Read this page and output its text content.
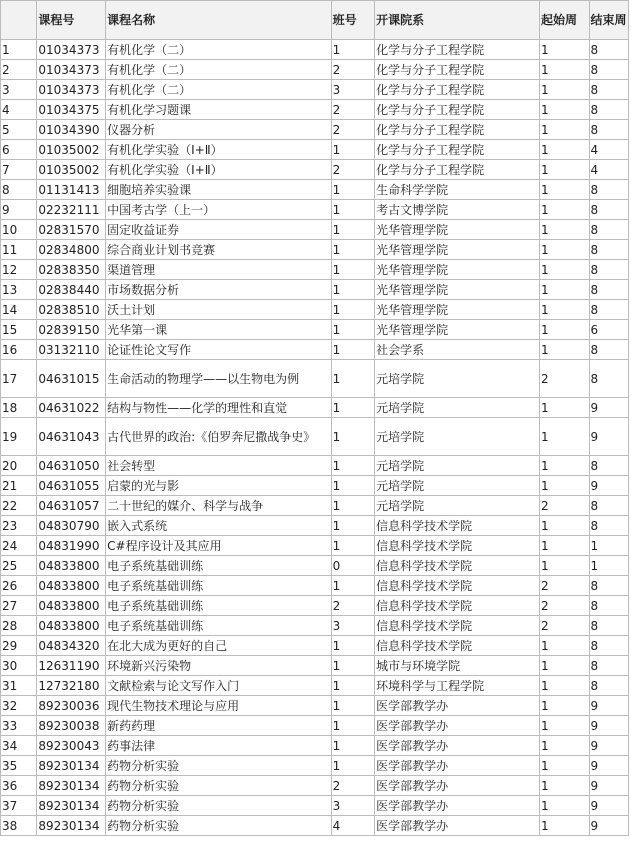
	课程号	课程名称	班号	开课院系	起始周	结束周
1	01034373	有机化学（二）	1	化学与分子工程学院	1	8
2	01034373	有机化学（二）	2	化学与分子工程学院	1	8
3	01034373	有机化学（二）	3	化学与分子工程学院	1	8
4	01034375	有机化学习题课	2	化学与分子工程学院	1	8
5	01034390	仪器分析	2	化学与分子工程学院	1	8
6	01035002	有机化学实验（Ⅰ+Ⅱ）	1	化学与分子工程学院	1	4
7	01035002	有机化学实验（Ⅰ+Ⅱ）	2	化学与分子工程学院	1	4
8	01131413	细胞培养实验课	1	生命科学学院	1	8
9	02232111	中国考古学（上一）	1	考古文博学院	1	8
10	02831570	固定收益证券	1	光华管理学院	1	8
11	02834800	综合商业计划书竞赛	1	光华管理学院	1	8
12	02838350	渠道管理	1	光华管理学院	1	8
13	02838440	市场数据分析	1	光华管理学院	1	8
14	02838510	沃土计划	1	光华管理学院	1	8
15	02839150	光华第一课	1	光华管理学院	1	6
16	03132110	论证性论文写作	1	社会学系	1	8
17	04631015	生命活动的物理学——以生物电为例	1	元培学院	2	8
18	04631022	结构与物性——化学的理性和直觉	1	元培学院	1	9
19	04631043	古代世界的政治:《伯罗奔尼撒战争史》	1	元培学院	1	9
20	04631050	社会转型	1	元培学院	1	8
21	04631055	启蒙的光与影	1	元培学院	1	9
22	04631057	二十世纪的媒介、科学与战争	1	元培学院	2	8
23	04830790	嵌入式系统	1	信息科学技术学院	1	8
24	04831990	C#程序设计及其应用	1	信息科学技术学院	1	1
25	04833800	电子系统基础训练	0	信息科学技术学院	1	1
26	04833800	电子系统基础训练	1	信息科学技术学院	2	8
27	04833800	电子系统基础训练	2	信息科学技术学院	2	8
28	04833800	电子系统基础训练	3	信息科学技术学院	2	8
29	04834320	在北大成为更好的自己	1	信息科学技术学院	1	8
30	12631190	环境新兴污染物	1	城市与环境学院	1	8
31	12732180	文献检索与论文写作入门	1	环境科学与工程学院	1	8
32	89230036	现代生物技术理论与应用	1	医学部教学办	1	9
33	89230038	新药药理	1	医学部教学办	1	9
34	89230043	药事法律	1	医学部教学办	1	9
35	89230134	药物分析实验	1	医学部教学办	1	9
36	89230134	药物分析实验	2	医学部教学办	1	9
37	89230134	药物分析实验	3	医学部教学办	1	9
38	89230134	药物分析实验	4	医学部教学办	1	9
